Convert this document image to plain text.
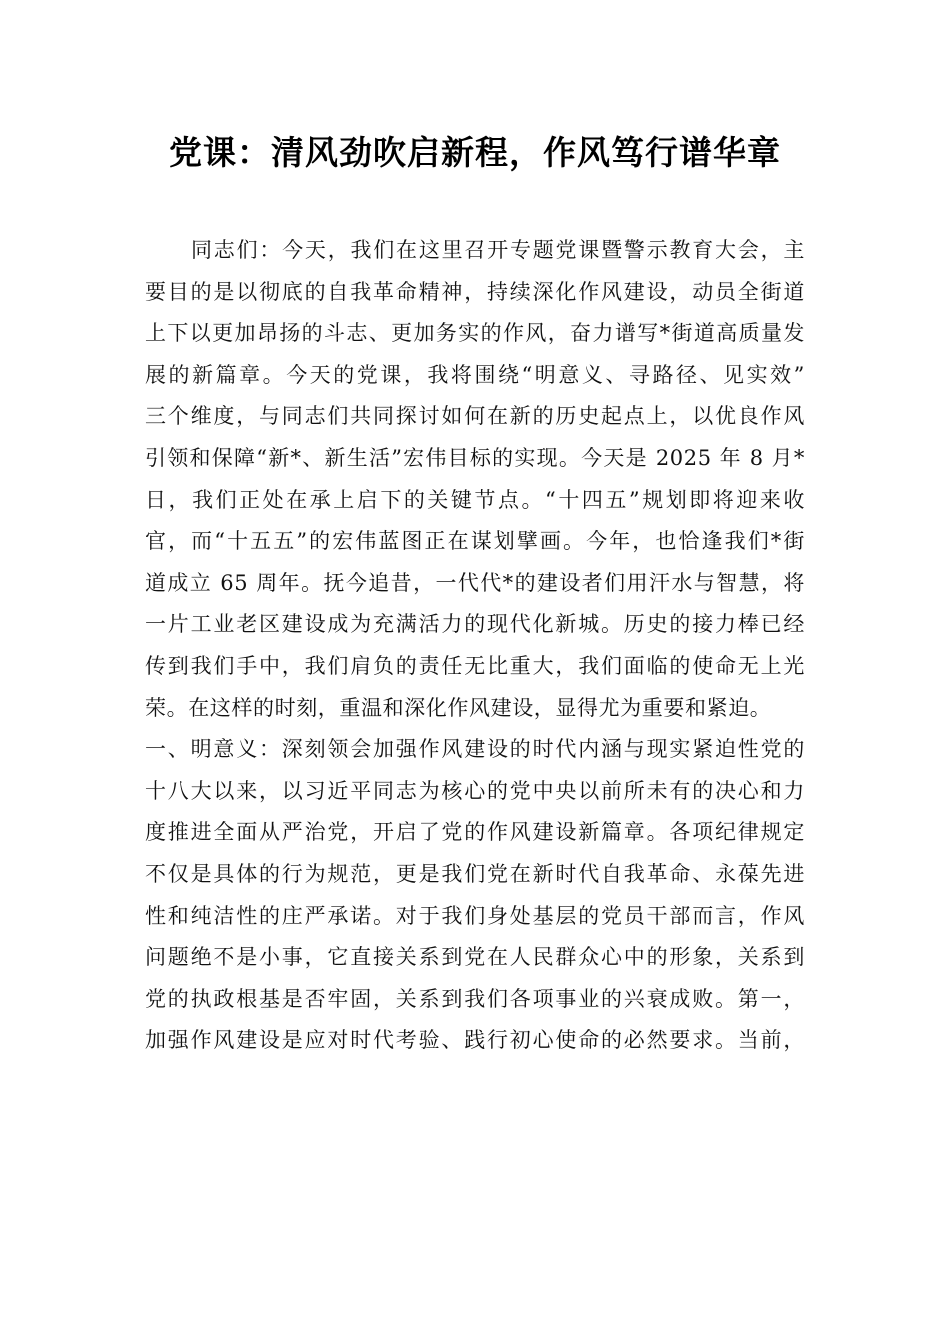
党课：清风劲吹启新程，作风笃行谱华章
同志们：今天，我们在这里召开专题党课暨警示教育大会，主
要目的是以彻底的自我革命精神，持续深化作风建设，动员全街道
上下以更加昂扬的斗志、更加务实的作风，奋力谱写*街道高质量发
展的新篇章。今天的党课，我将围绕“明意义、寻路径、见实效”
三个维度，与同志们共同探讨如何在新的历史起点上，以优良作风
引领和保障“新*、新生活”宏伟目标的实现。今天是 2025 年 8 月*
日，我们正处在承上启下的关键节点。“十四五”规划即将迎来收
官，而“十五五”的宏伟蓝图正在谋划擘画。今年，也恰逢我们*街
道成立 65 周年。抚今追昔，一代代*的建设者们用汗水与智慧，将
一片工业老区建设成为充满活力的现代化新城。历史的接力棒已经
传到我们手中，我们肩负的责任无比重大，我们面临的使命无上光
荣。在这样的时刻，重温和深化作风建设，显得尤为重要和紧迫。
一、明意义：深刻领会加强作风建设的时代内涵与现实紧迫性党的
十八大以来，以习近平同志为核心的党中央以前所未有的决心和力
度推进全面从严治党，开启了党的作风建设新篇章。各项纪律规定
不仅是具体的行为规范，更是我们党在新时代自我革命、永葆先进
性和纯洁性的庄严承诺。对于我们身处基层的党员干部而言，作风
问题绝不是小事，它直接关系到党在人民群众心中的形象，关系到
党的执政根基是否牢固，关系到我们各项事业的兴衰成败。第一，
加强作风建设是应对时代考验、践行初心使命的必然要求。当前，
